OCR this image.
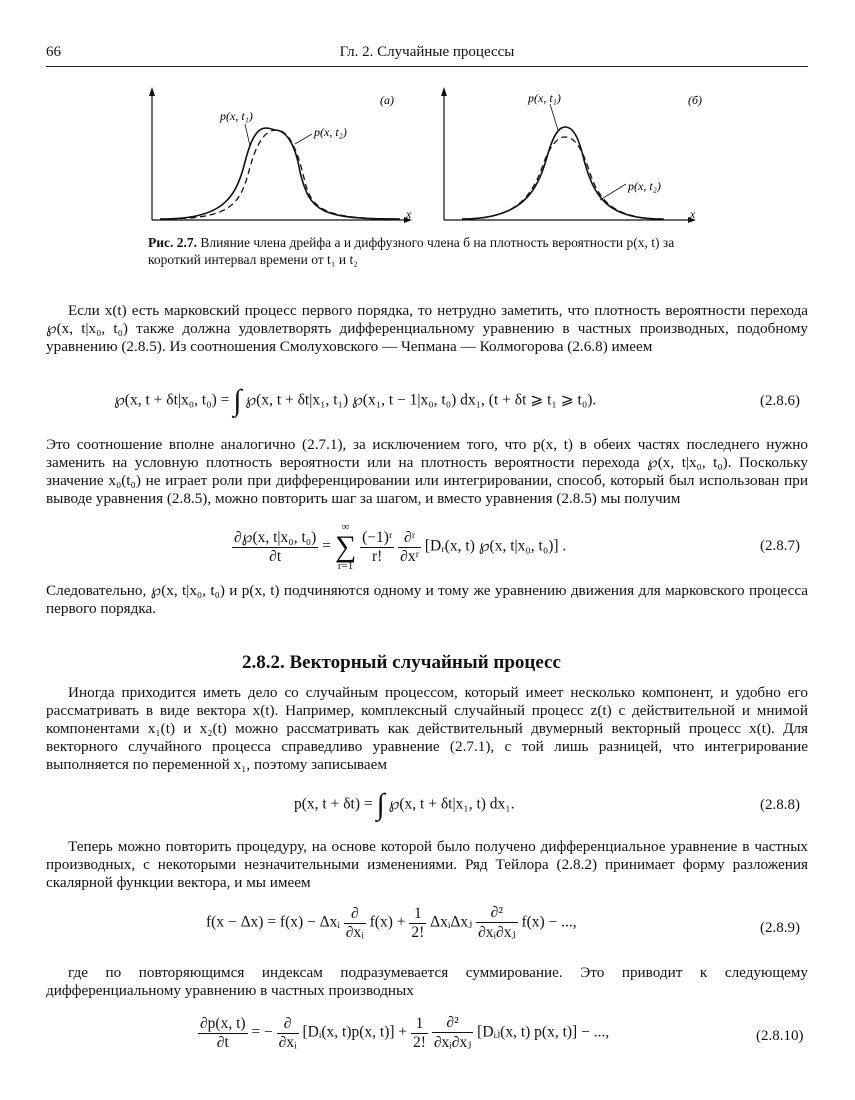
66	Гл. 2. Случайные процессы
p(x, t₁)
p(x, t₂)
(a)
x
p(x, t₁)
p(x, t₂)
(б)
x
Рис. 2.7. Влияние члена дрейфа a и диффузного члена б на плотность вероятности p(x, t) за короткий интервал времени от t₁ и t₂
Если x(t) есть марковский процесс первого порядка, то нетрудно заметить, что плотность вероятности перехода ℘(x, t|x₀, t₀) также должна удовлетворять дифференциальному уравнению в частных производных, подобному уравнению (2.8.5). Из соотношения Смолуховского — Чепмана — Колмогорова (2.6.8) имеем
℘(x, t + δt|x₀, t₀) = ∫ ℘(x, t + δt|x₁, t₁) ℘(x₁, t − 1|x₀, t₀) dx₁, (t + δt ⩾ t₁ ⩾ t₀).	(2.8.6)
Это соотношение вполне аналогично (2.7.1), за исключением того, что p(x, t) в обеих частях последнего нужно заменить на условную плотность вероятности или на плотность вероятности перехода ℘(x, t|x₀, t₀). Поскольку значение x₀(t₀) не играет роли при дифференцировании или интегрировании, способ, который был использован при выводе уравнения (2.8.5), можно повторить шаг за шагом, и вместо уравнения (2.8.5) мы получим
$\frac{\text{∂℘(x, t|x₀, t₀)}}{\partial t}$ = ∞
∑
r=1
$\frac{\text{(−1)ʳ}}{r!}$
$\frac{\text{∂ʳ}}{\text{∂xʳ}}$ [Dᵣ(x, t) ℘(x, t|x₀, t₀)] .	(2.8.7)
Следовательно, ℘(x, t|x₀, t₀) и p(x, t) подчиняются одному и тому же уравнению движения для марковского процесса первого порядка.
2.8.2. Векторный случайный процесс
Иногда приходится иметь дело со случайным процессом, который имеет несколько компонент, и удобно его рассматривать в виде вектора x(t). Например, комплексный случайный процесс z(t) с действительной и мнимой компонентами x₁(t) и x₂(t) можно рассматривать как действительный двумерный векторный процесс x(t). Для векторного случайного процесса справедливо уравнение (2.7.1), с той лишь разницей, что интегрирование выполняется по переменной x₁, поэтому записываем
p(x, t + δt) = ∫ ℘(x, t + δt|x₁, t) dx₁.	(2.8.8)
Теперь можно повторить процедуру, на основе которой было получено дифференциальное уравнение в частных производных, с некоторыми незначительными изменениями. Ряд Тейлора (2.8.2) принимает форму разложения скалярной функции вектора, и мы имеем
f(x − Δx) = f(x) − Δxᵢ $\frac{\partial}{\text{∂xᵢ}} f(x) + \frac{1}{2!}$ ΔxᵢΔxⱼ $\frac{\text{∂²}}{\text{∂xᵢ∂xⱼ}} f(x)$ − ...,	(2.8.9)
где по повторяющимся индексам подразумевается суммирование. Это приводит к следующему дифференциальному уравнению в частных производных
$\frac{\partial p(x, t)}{\partial t}$ = − $\frac{\partial}{\text{∂xᵢ}}$ [Dᵢ(x, t)p(x, $t)] + \frac{1}{2!}$
$\frac{\text{∂²}}{\text{∂xᵢ∂xⱼ}}$ [Dᵢⱼ(x, t) p(x, t)] − ...,	(2.8.10)
